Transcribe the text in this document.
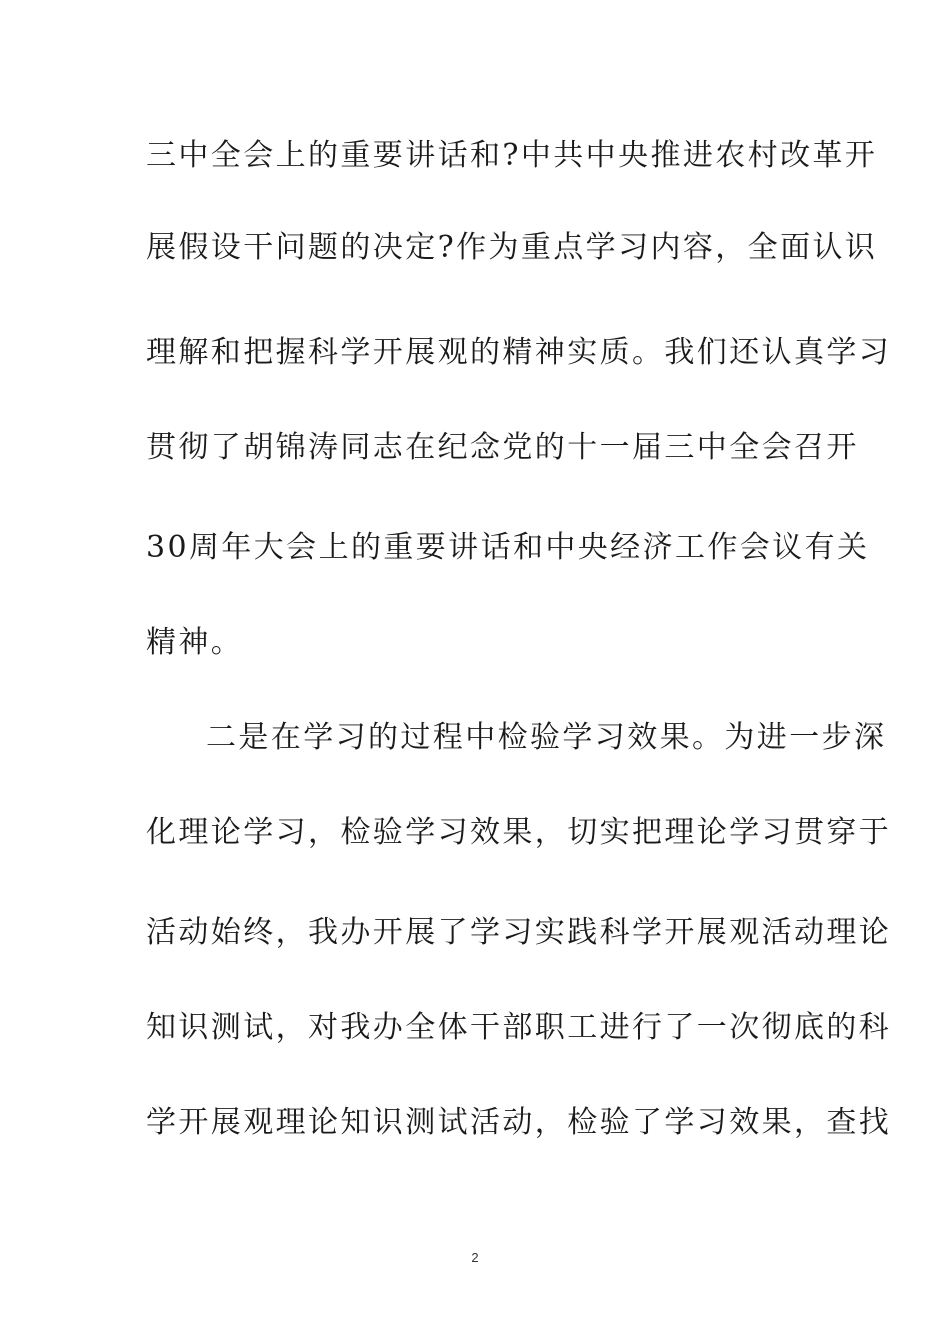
三中全会上的重要讲话和?中共中央推进农村改革开
展假设干问题的决定?作为重点学习内容，全面认识
理解和把握科学开展观的精神实质。我们还认真学习
贯彻了胡锦涛同志在纪念党的十一届三中全会召开
30周年大会上的重要讲话和中央经济工作会议有关
精神。
二是在学习的过程中检验学习效果。为进一步深
化理论学习，检验学习效果，切实把理论学习贯穿于
活动始终，我办开展了学习实践科学开展观活动理论
知识测试，对我办全体干部职工进行了一次彻底的科
学开展观理论知识测试活动，检验了学习效果，查找
2
